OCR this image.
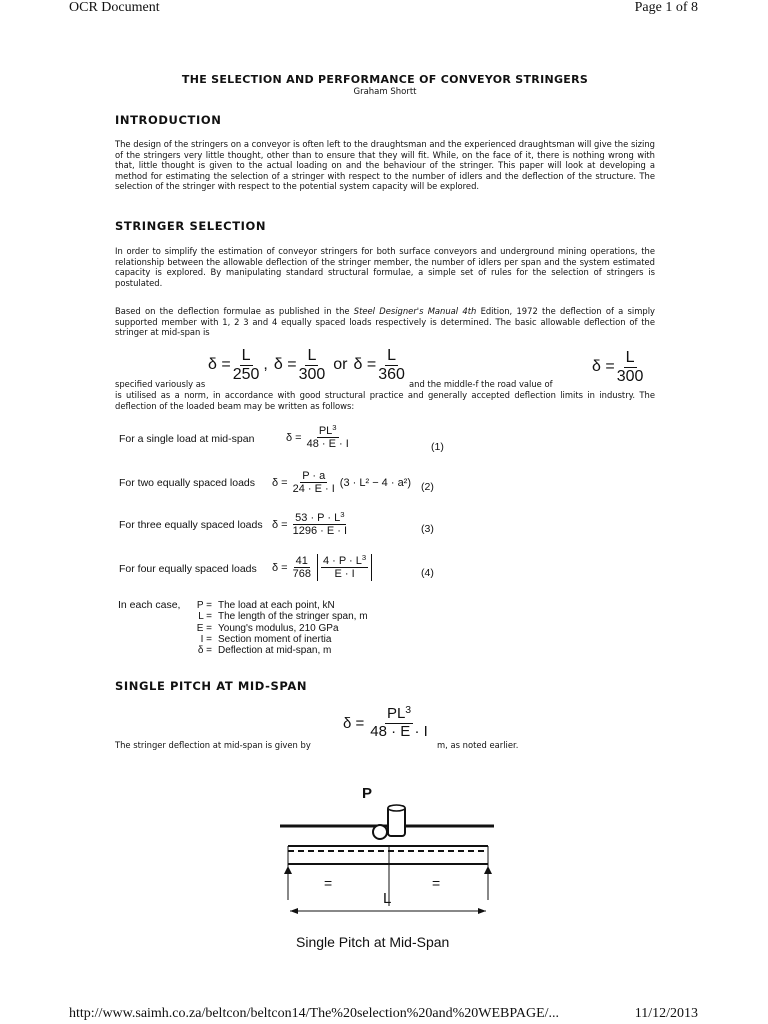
OCR Document	Page 1 of 8
THE SELECTION AND PERFORMANCE OF CONVEYOR STRINGERS
Graham Shortt
INTRODUCTION
The design of the stringers on a conveyor is often left to the draughtsman and the experienced draughtsman will give the sizing of the stringers very little thought, other than to ensure that they will fit. While, on the face of it, there is nothing wrong with that, little thought is given to the actual loading on and the behaviour of the stringer. This paper will look at developing a method for estimating the selection of a stringer with respect to the number of idlers and the deflection of the structure. The selection of the stringer with respect to the potential system capacity will be explored.
STRINGER SELECTION
In order to simplify the estimation of conveyor stringers for both surface conveyors and underground mining operations, the relationship between the allowable deflection of the stringer member, the number of idlers per span and the system estimated capacity is explored. By manipulating standard structural formulae, a simple set of rules for the selection of stringers is postulated.
Based on the deflection formulae as published in the Steel Designer's Manual 4th Edition, 1972 the deflection of a simply supported member with 1, 2 3 and 4 equally spaced loads respectively is determined. The basic allowable deflection of the stringer at mid-span is
specified variously as	and the middle-f the road value of
is utilised as a norm, in accordance with good structural practice and generally accepted deflection limits in industry. The deflection of the loaded beam may be written as follows:
$\delta = \frac{L}{250}$ , $\delta = \frac{L}{300}$ or $\delta = \frac{L}{360}$	$\delta = \frac{L}{300}$
For a single load at mid-span	$\delta = \frac{PL^3}{48 \cdot E \cdot I}$	(1)
For two equally spaced loads $\delta = \frac{P \cdot a}{24 \cdot E \cdot I} (3 \cdot L^2 - 4 \cdot a^2)$ (2)
For three equally spaced loads $\delta = \frac{53 \cdot P \cdot L^3}{1296 \cdot E \cdot I}$	(3)
For four equally spaced loads $\delta = \frac{41}{768} \frac{4 \cdot P \cdot L^3}{E \cdot I}$	(4)
In each case,	P = The load at each point, kN
L = The length of the stringer span, m
E = Young's modulus, 210 GPa
I = Section moment of inertia
δ = Deflection at mid-span, m
SINGLE PITCH AT MID-SPAN
The stringer deflection at mid-span is given by	m, as noted earlier.
$\delta = \frac{PL^3}{48 \cdot E \cdot I}$
P
=	=
L
Single Pitch at Mid-Span
http://www.saimh.co.za/beltcon/beltcon14/The%20selection%20and%20WEBPAGE/...	11/12/2013
